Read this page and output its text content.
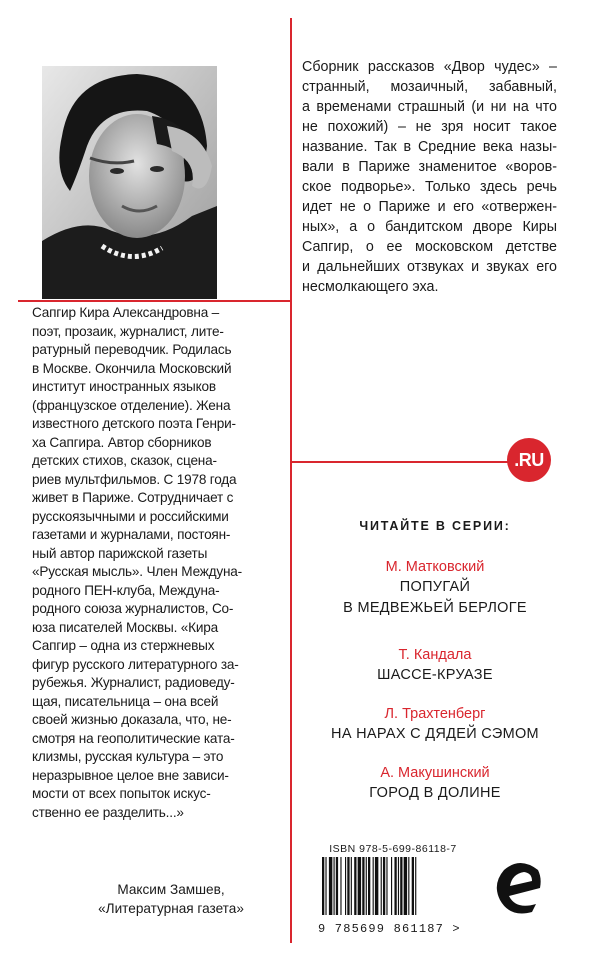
Сапгир Кира Александровна –
поэт, прозаик, журналист, лите-
ратурный переводчик. Родилась
в Москве. Окончила Московский
институт иностранных языков
(французское отделение). Жена
известного детского поэта Генри-
ха Сапгира. Автор сборников
детских стихов, сказок, сцена-
риев мультфильмов. С 1978 года
живет в Париже. Сотрудничает с
русскоязычными и российскими
газетами и журналами, постоян-
ный автор парижской газеты
«Русская мысль». Член Междуна-
родного ПЕН-клуба, Междуна-
родного союза журналистов, Со-
юза писателей Москвы. «Кира
Сапгир – одна из стержневых
фигур русского литературного за-
рубежья. Журналист, радиоведу-
щая, писательница – она всей
своей жизнью доказала, что, не-
смотря на геополитические ката-
клизмы, русская культура – это
неразрывное целое вне зависи-
мости от всех попыток искус-
ственно ее разделить...»
Максим Замшев,
«Литературная газета»
Сборник рассказов «Двор чудес» –
странный, мозаичный, забавный,
а временами страшный (и ни на что
не похожий) – не зря носит такое
название. Так в Средние века назы-
вали в Париже знаменитое «воров-
ское подворье». Только здесь речь
идет не о Париже и его «отвержен-
ных», а о бандитском дворе Киры
Сапгир, о ее московском детстве
и дальнейших отзвуках и звуках его
несмолкающего эха.
.RU
ЧИТАЙТЕ В СЕРИИ:
М. Матковский
ПОПУГАЙ
В МЕДВЕЖЬЕЙ БЕРЛОГЕ
Т. Кандала
ШАССЕ-КРУАЗЕ
Л. Трахтенберг
НА НАРАХ С ДЯДЕЙ СЭМОМ
А. Макушинский
ГОРОД В ДОЛИНЕ
ISBN 978-5-699-86118-7
9 785699 861187 >
